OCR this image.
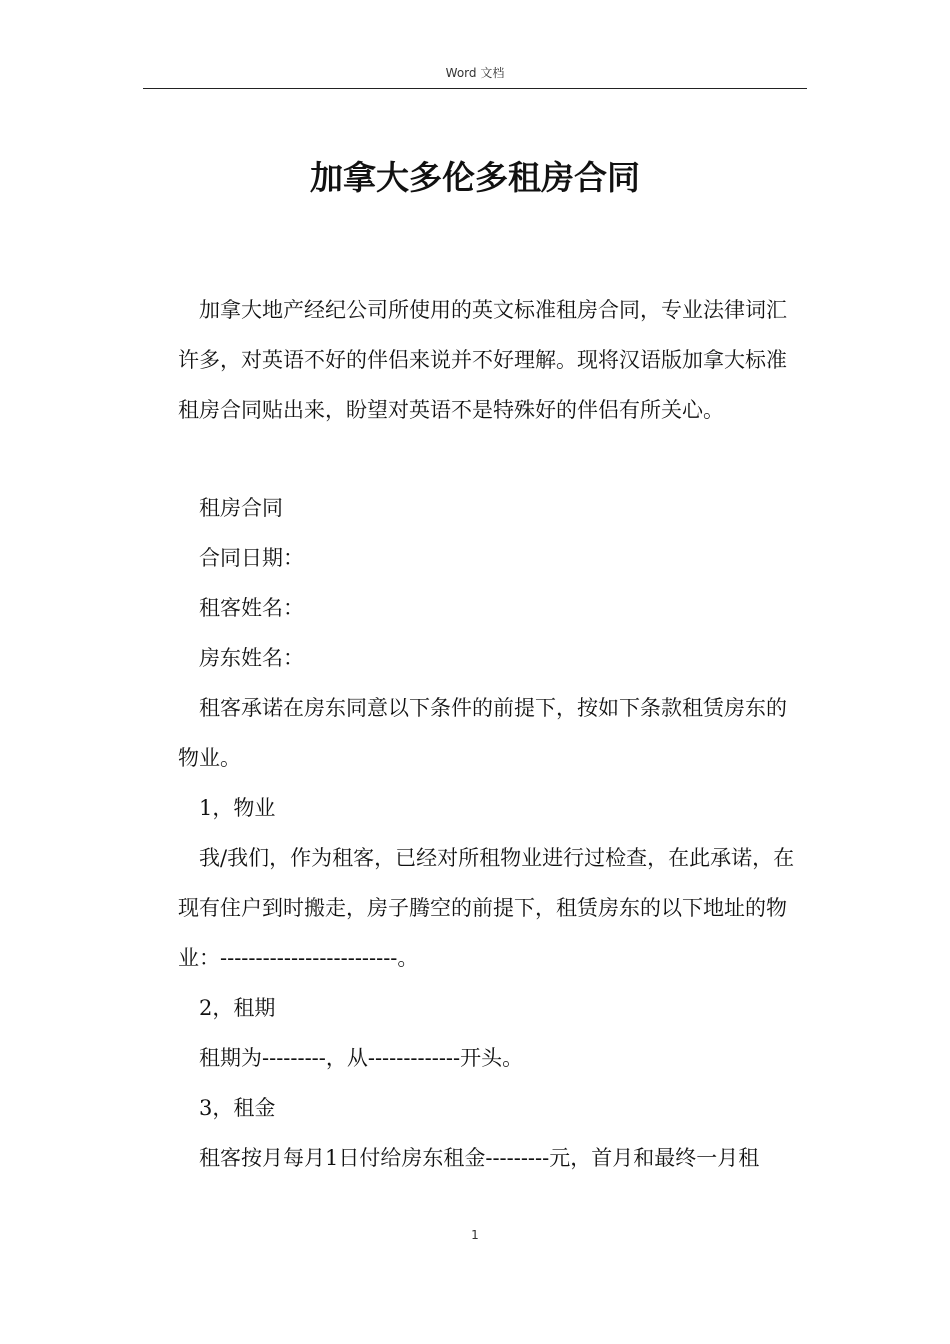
Word 文档
加拿大多伦多租房合同

加拿大地产经纪公司所使用的英文标准租房合同，专业法律词汇许多，对英语不好的伴侣来说并不好理解。现将汉语版加拿大标准租房合同贴出来，盼望对英语不是特殊好的伴侣有所关心。

租房合同

合同日期：

租客姓名：

房东姓名：

租客承诺在房东同意以下条件的前提下，按如下条款租赁房东的物业。

1，物业

我/我们，作为租客，已经对所租物业进行过检查，在此承诺，在现有住户到时搬走，房子腾空的前提下，租赁房东的以下地址的物业：-------------------------。

2，租期

租期为---------，从-------------开头。

3，租金

租客按月每月1日付给房东租金---------元，首月和最终一月租

1
